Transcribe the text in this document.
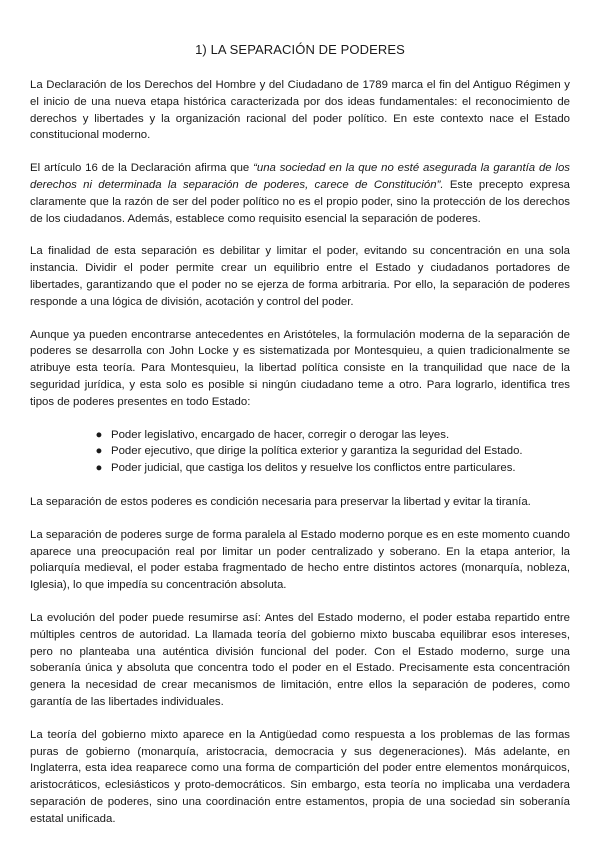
1) LA SEPARACIÓN DE PODERES

La Declaración de los Derechos del Hombre y del Ciudadano de 1789 marca el fin del Antiguo Régimen y el inicio de una nueva etapa histórica caracterizada por dos ideas fundamentales: el reconocimiento de derechos y libertades y la organización racional del poder político. En este contexto nace el Estado constitucional moderno.

El artículo 16 de la Declaración afirma que “una sociedad en la que no esté asegurada la garantía de los derechos ni determinada la separación de poderes, carece de Constitución”. Este precepto expresa claramente que la razón de ser del poder político no es el propio poder, sino la protección de los derechos de los ciudadanos. Además, establece como requisito esencial la separación de poderes.

La finalidad de esta separación es debilitar y limitar el poder, evitando su concentración en una sola instancia. Dividir el poder permite crear un equilibrio entre el Estado y ciudadanos portadores de libertades, garantizando que el poder no se ejerza de forma arbitraria. Por ello, la separación de poderes responde a una lógica de división, acotación y control del poder.

Aunque ya pueden encontrarse antecedentes en Aristóteles, la formulación moderna de la separación de poderes se desarrolla con John Locke y es sistematizada por Montesquieu, a quien tradicionalmente se atribuye esta teoría. Para Montesquieu, la libertad política consiste en la tranquilidad que nace de la seguridad jurídica, y esta solo es posible si ningún ciudadano teme a otro. Para lograrlo, identifica tres tipos de poderes presentes en todo Estado:

● Poder legislativo, encargado de hacer, corregir o derogar las leyes.
● Poder ejecutivo, que dirige la política exterior y garantiza la seguridad del Estado.
● Poder judicial, que castiga los delitos y resuelve los conflictos entre particulares.

La separación de estos poderes es condición necesaria para preservar la libertad y evitar la tiranía.

La separación de poderes surge de forma paralela al Estado moderno porque es en este momento cuando aparece una preocupación real por limitar un poder centralizado y soberano. En la etapa anterior, la poliarquía medieval, el poder estaba fragmentado de hecho entre distintos actores (monarquía, nobleza, Iglesia), lo que impedía su concentración absoluta.

La evolución del poder puede resumirse así: Antes del Estado moderno, el poder estaba repartido entre múltiples centros de autoridad. La llamada teoría del gobierno mixto buscaba equilibrar esos intereses, pero no planteaba una auténtica división funcional del poder. Con el Estado moderno, surge una soberanía única y absoluta que concentra todo el poder en el Estado. Precisamente esta concentración genera la necesidad de crear mecanismos de limitación, entre ellos la separación de poderes, como garantía de las libertades individuales.

La teoría del gobierno mixto aparece en la Antigüedad como respuesta a los problemas de las formas puras de gobierno (monarquía, aristocracia, democracia y sus degeneraciones). Más adelante, en Inglaterra, esta idea reaparece como una forma de compartición del poder entre elementos monárquicos, aristocráticos, eclesiásticos y proto-democráticos. Sin embargo, esta teoría no implicaba una verdadera separación de poderes, sino una coordinación entre estamentos, propia de una sociedad sin soberanía estatal unificada.
